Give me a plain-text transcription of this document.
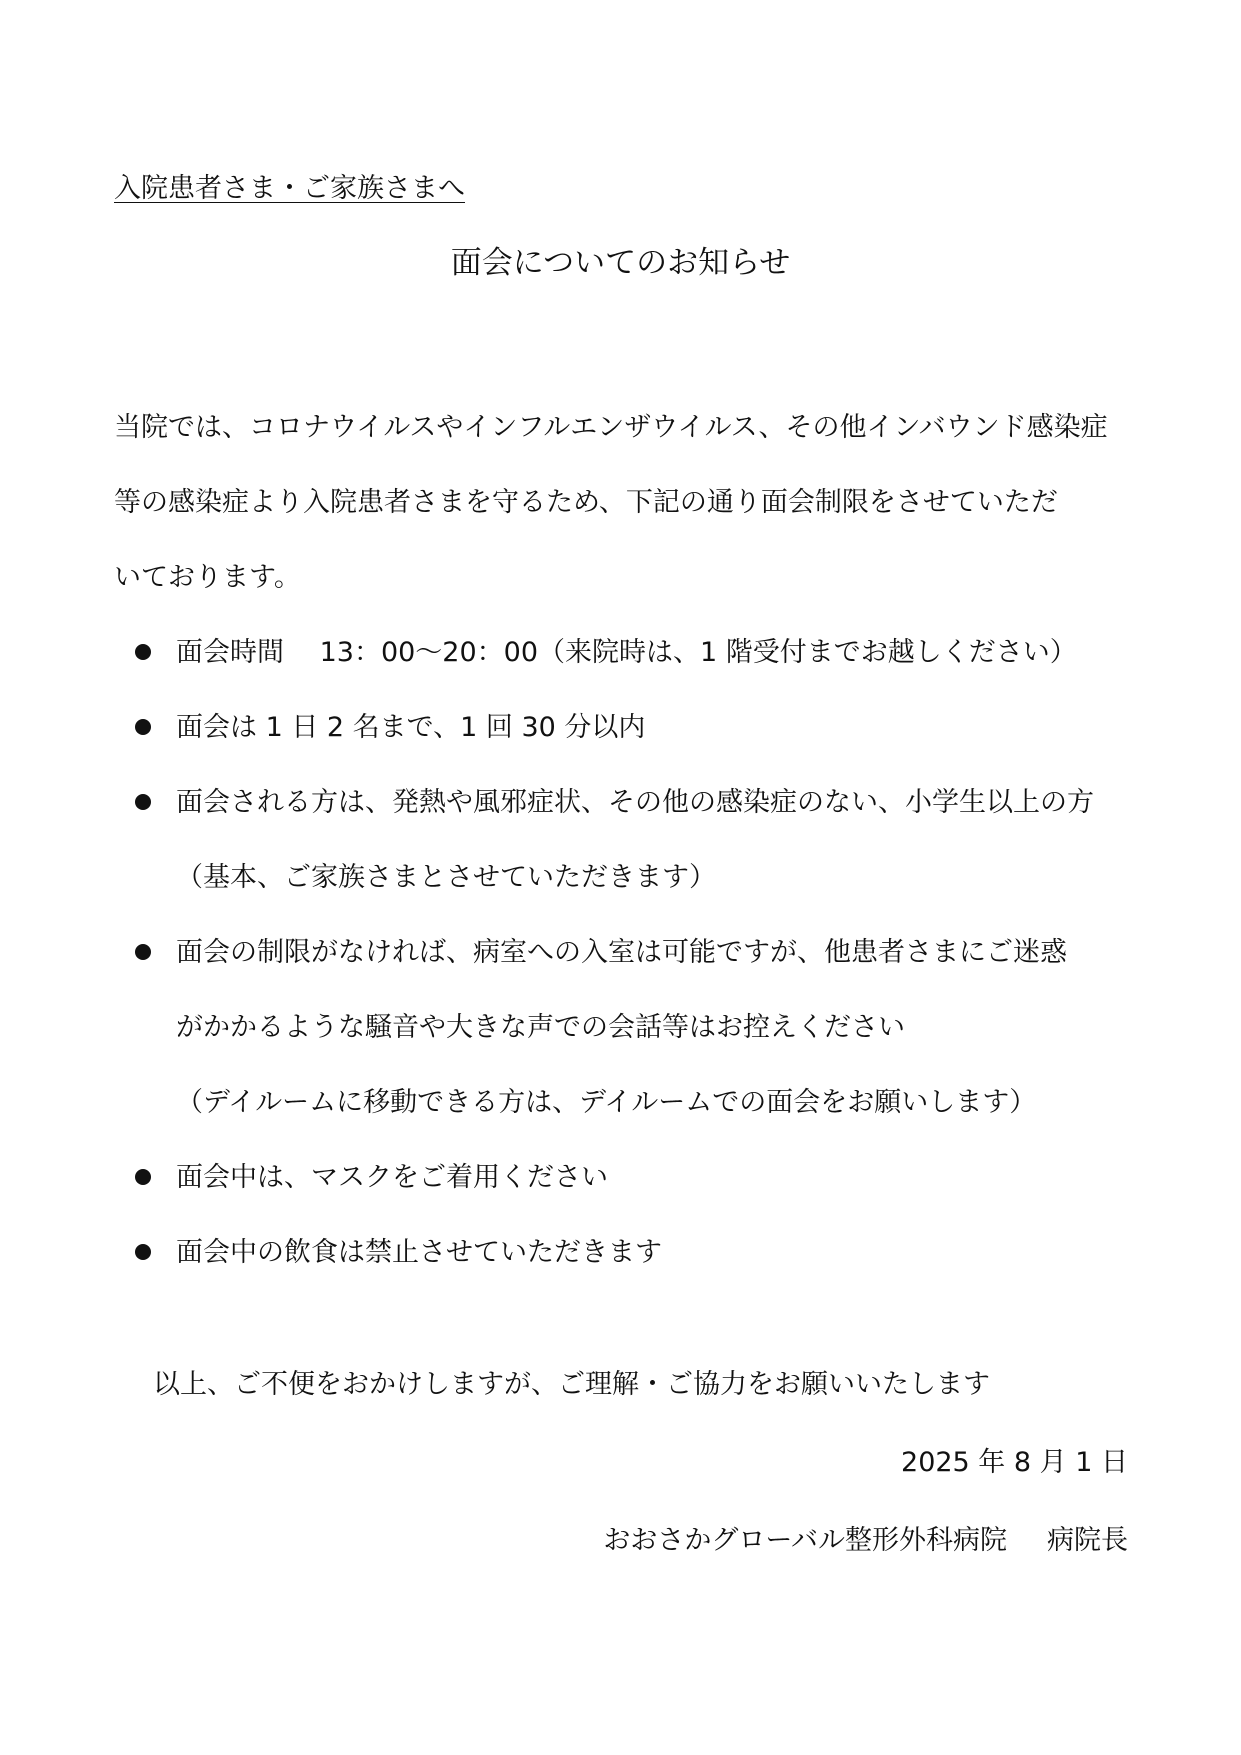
入院患者さま・ご家族さまへ
面会についてのお知らせ

当院では、コロナウイルスやインフルエンザウイルス、その他インバウンド感染症
等の感染症より入院患者さまを守るため、下記の通り面会制限をさせていただ
いております。

面会時間　 13：00～20：00（来院時は、1 階受付までお越しください）
面会は 1 日 2 名まで、1 回 30 分以内
面会される方は、発熱や風邪症状、その他の感染症のない、小学生以上の方
（基本、ご家族さまとさせていただきます）
面会の制限がなければ、病室への入室は可能ですが、他患者さまにご迷惑
がかかるような騒音や大きな声での会話等はお控えください
（デイルームに移動できる方は、デイルームでの面会をお願いします）
面会中は、マスクをご着用ください
面会中の飲食は禁止させていただきます
以上、ご不便をおかけしますが、ご理解・ご協力をお願いいたします
2025 年 8 月 1 日
おおさかグローバル整形外科病院 病院長
